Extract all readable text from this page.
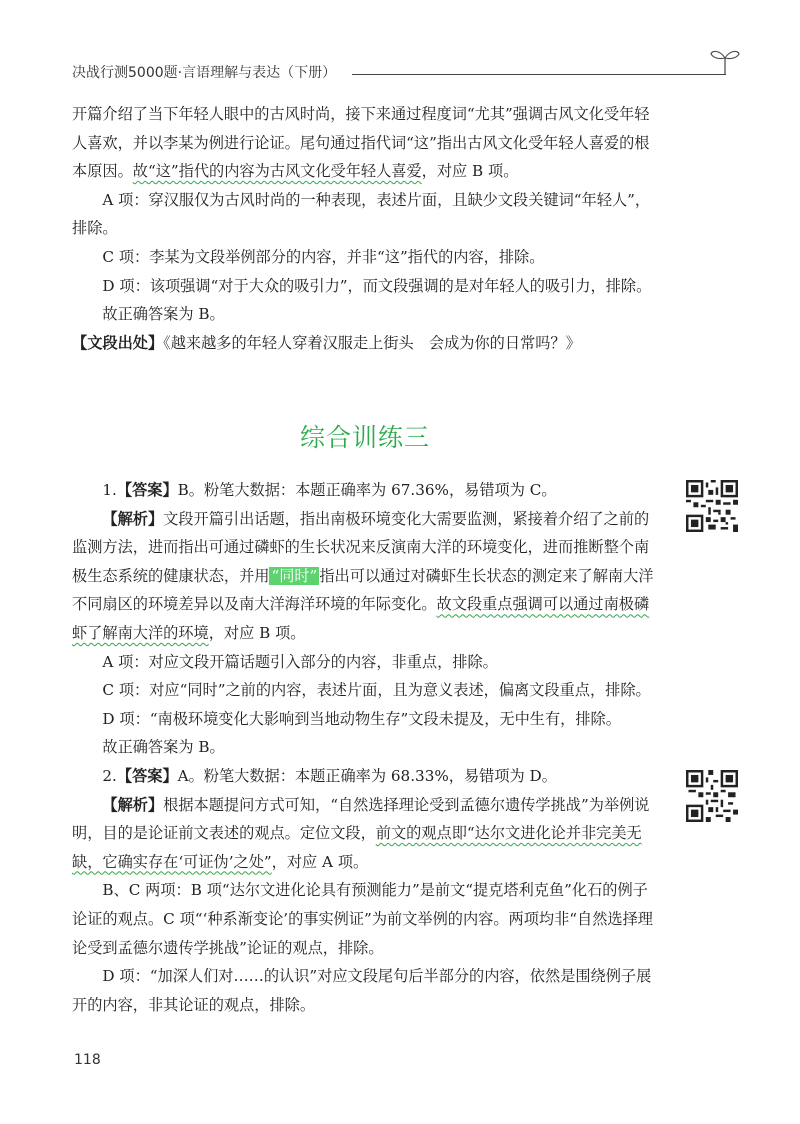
决战行测5000题·言语理解与表达（下册）

开篇介绍了当下年轻人眼中的古风时尚，接下来通过程度词“尤其”强调古风文化受年轻人喜欢，并以李某为例进行论证。尾句通过指代词“这”指出古风文化受年轻人喜爱的根本原因。故“这”指代的内容为古风文化受年轻人喜爱，对应 B 项。

A 项：穿汉服仅为古风时尚的一种表现，表述片面，且缺少文段关键词“年轻人”，排除。

C 项：李某为文段举例部分的内容，并非“这”指代的内容，排除。

D 项：该项强调“对于大众的吸引力”，而文段强调的是对年轻人的吸引力，排除。

故正确答案为 B。

【文段出处】《越来越多的年轻人穿着汉服走上街头　会成为你的日常吗？》

综合训练三

1.【答案】B。粉笔大数据：本题正确率为 67.36%，易错项为 C。

【解析】文段开篇引出话题，指出南极环境变化大需要监测，紧接着介绍了之前的监测方法，进而指出可通过磷虾的生长状况来反演南大洋的环境变化，进而推断整个南极生态系统的健康状态，并用 “同时” 指出可以通过对磷虾生长状态的测定来了解南大洋不同扇区的环境差异以及南大洋海洋环境的年际变化。故文段重点强调可以通过南极磷虾了解南大洋的环境，对应 B 项。

A 项：对应文段开篇话题引入部分的内容，非重点，排除。

C 项：对应“同时”之前的内容，表述片面，且为意义表述，偏离文段重点，排除。

D 项：“南极环境变化大影响到当地动物生存”文段未提及，无中生有，排除。

故正确答案为 B。

2.【答案】A。粉笔大数据：本题正确率为 68.33%，易错项为 D。

【解析】根据本题提问方式可知，“自然选择理论受到孟德尔遗传学挑战”为举例说明，目的是论证前文表述的观点。定位文段，前文的观点即“达尔文进化论并非完美无缺，它确实存在‘可证伪’之处”，对应 A 项。

B、C 两项：B 项“达尔文进化论具有预测能力”是前文“提克塔利克鱼”化石的例子论证的观点。C 项“‘种系渐变论’的事实例证”为前文举例的内容。两项均非“自然选择理论受到孟德尔遗传学挑战”论证的观点，排除。

D 项：“加深人们对……的认识”对应文段尾句后半部分的内容，依然是围绕例子展开的内容，非其论证的观点，排除。

118
